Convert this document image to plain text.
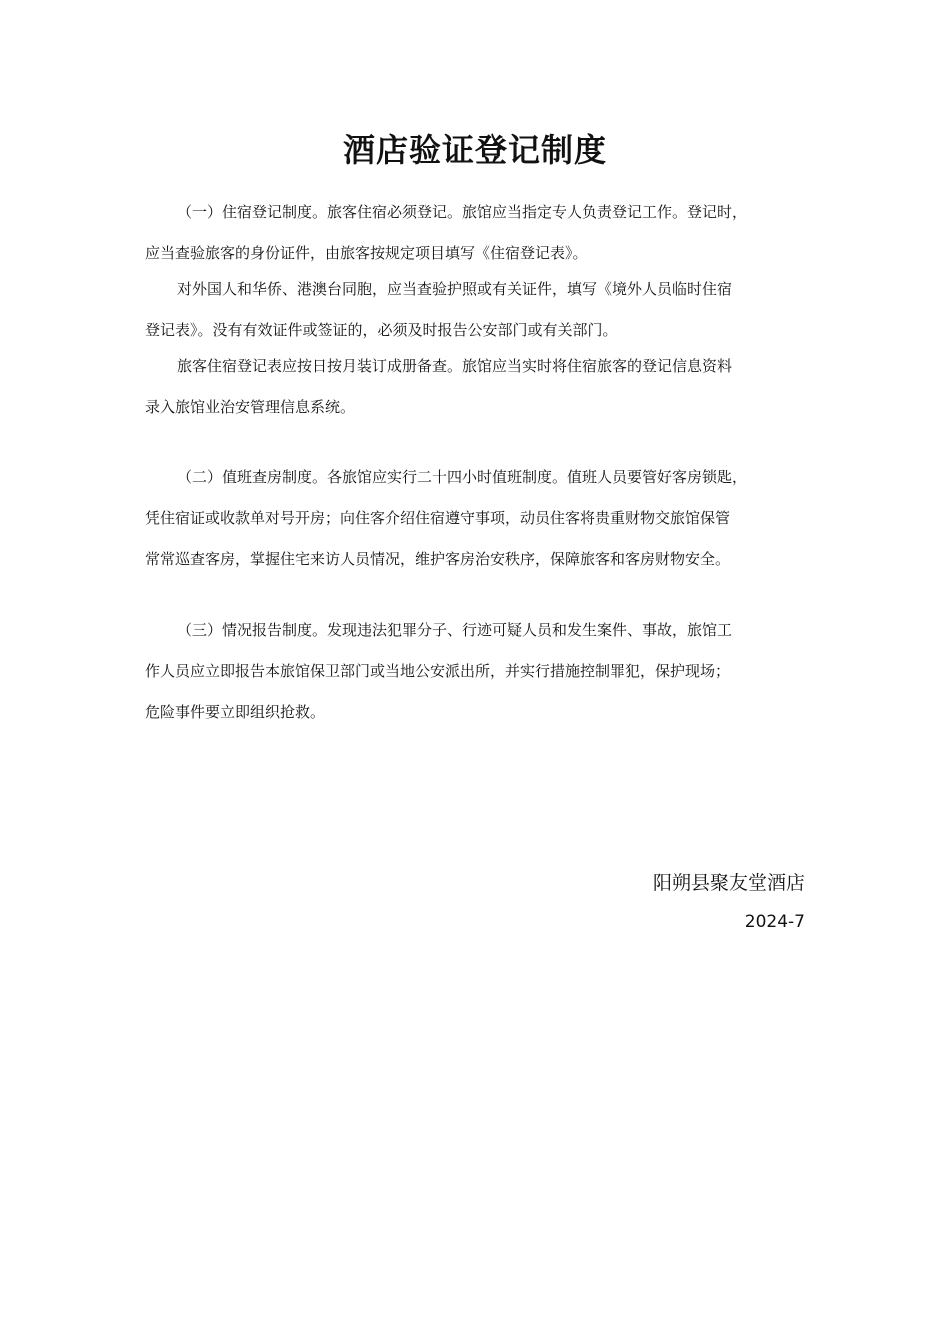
酒店验证登记制度
（一）住宿登记制度。旅客住宿必须登记。旅馆应当指定专人负责登记工作。登记时，
应当查验旅客的身份证件，由旅客按规定项目填写《住宿登记表》。
对外国人和华侨、港澳台同胞，应当查验护照或有关证件，填写《境外人员临时住宿
登记表》。没有有效证件或签证的，必须及时报告公安部门或有关部门。
旅客住宿登记表应按日按月装订成册备查。旅馆应当实时将住宿旅客的登记信息资料
录入旅馆业治安管理信息系统。
（二）值班查房制度。各旅馆应实行二十四小时值班制度。值班人员要管好客房锁匙，
凭住宿证或收款单对号开房；向住客介绍住宿遵守事项，动员住客将贵重财物交旅馆保管
常常巡查客房，掌握住宅来访人员情况，维护客房治安秩序，保障旅客和客房财物安全。
（三）情况报告制度。发现违法犯罪分子、行迹可疑人员和发生案件、事故，旅馆工
作人员应立即报告本旅馆保卫部门或当地公安派出所，并实行措施控制罪犯，保护现场；
危险事件要立即组织抢救。
阳朔县聚友堂酒店
2024-7
